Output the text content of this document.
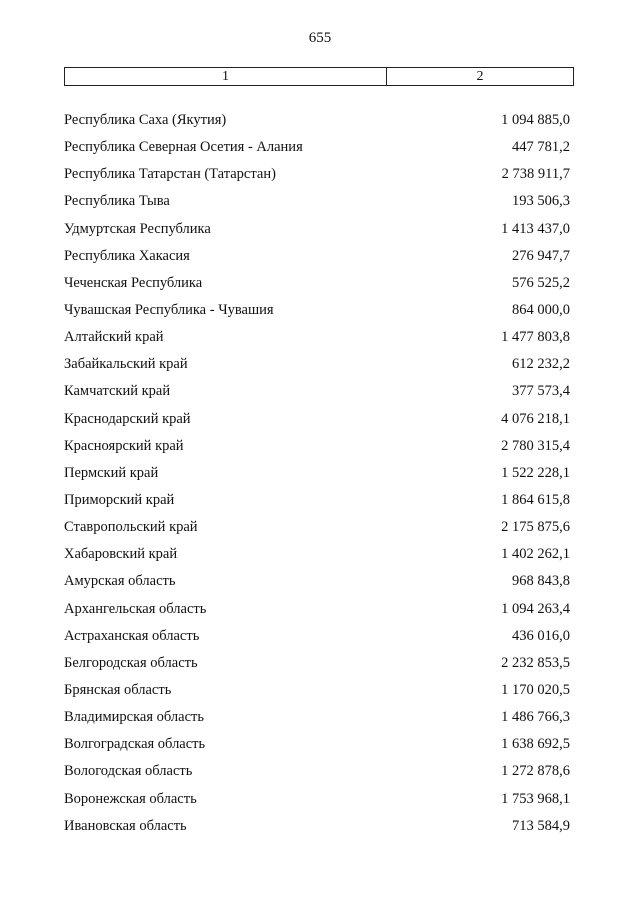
655
1	2
Республика Саха (Якутия)	1 094 885,0
Республика Северная Осетия - Алания	447 781,2
Республика Татарстан (Татарстан)	2 738 911,7
Республика Тыва	193 506,3
Удмуртская Республика	1 413 437,0
Республика Хакасия	276 947,7
Чеченская Республика	576 525,2
Чувашская Республика - Чувашия	864 000,0
Алтайский край	1 477 803,8
Забайкальский край	612 232,2
Камчатский край	377 573,4
Краснодарский край	4 076 218,1
Красноярский край	2 780 315,4
Пермский край	1 522 228,1
Приморский край	1 864 615,8
Ставропольский край	2 175 875,6
Хабаровский край	1 402 262,1
Амурская область	968 843,8
Архангельская область	1 094 263,4
Астраханская область	436 016,0
Белгородская область	2 232 853,5
Брянская область	1 170 020,5
Владимирская область	1 486 766,3
Волгоградская область	1 638 692,5
Вологодская область	1 272 878,6
Воронежская область	1 753 968,1
Ивановская область	713 584,9
